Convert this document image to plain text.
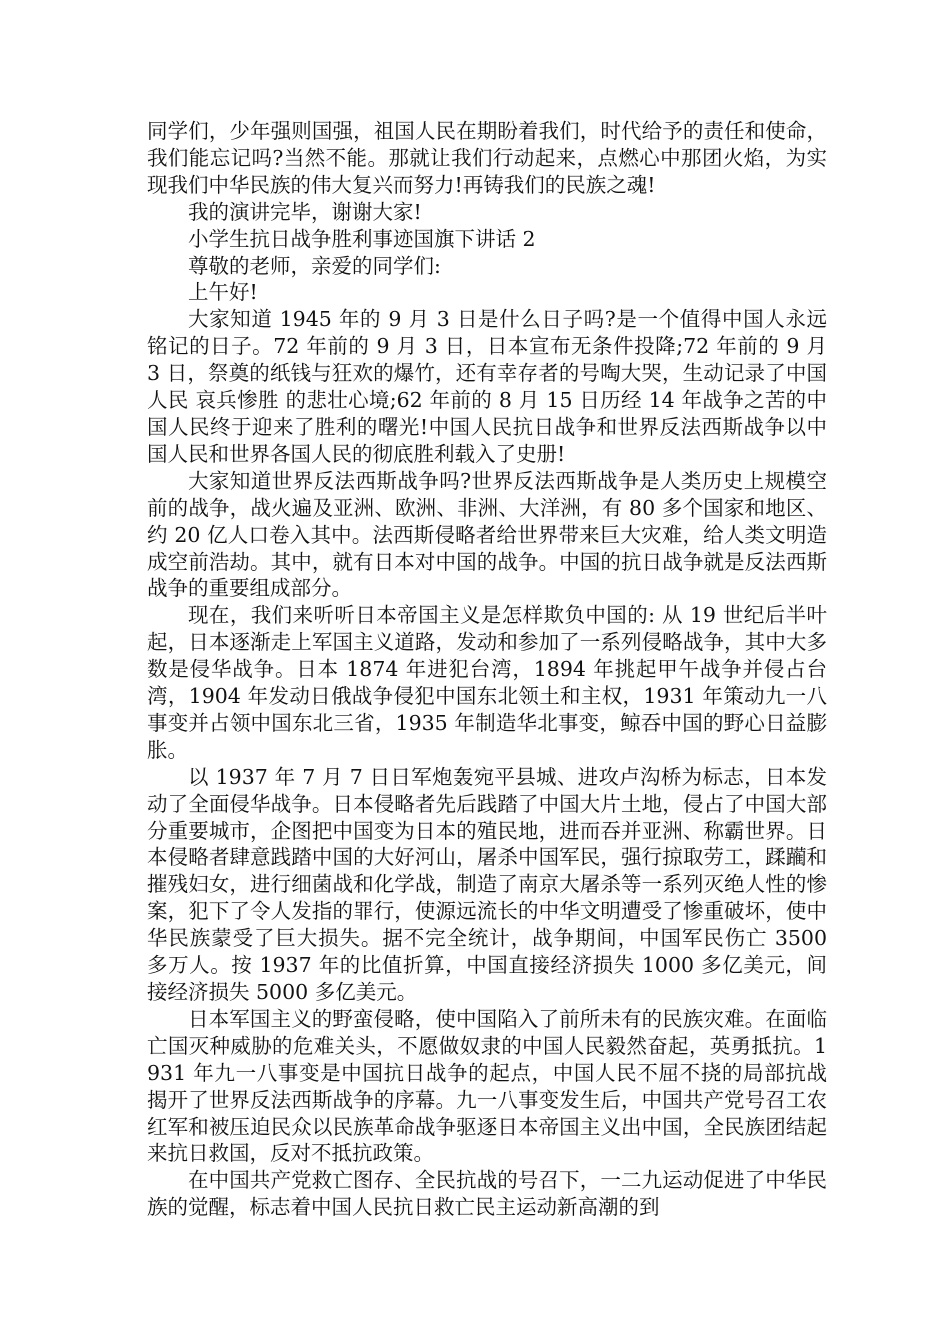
同学们，少年强则国强，祖国人民在期盼着我们，时代给予的责任和使命，我们能忘记吗?当然不能。那就让我们行动起来，点燃心中那团火焰，为实现我们中华民族的伟大复兴而努力!再铸我们的民族之魂!

我的演讲完毕，谢谢大家!

小学生抗日战争胜利事迹国旗下讲话 2

尊敬的老师，亲爱的同学们:

上午好!

大家知道 1945 年的 9 月 3 日是什么日子吗?是一个值得中国人永远铭记的日子。72 年前的 9 月 3 日，日本宣布无条件投降;72 年前的 9 月 3 日，祭奠的纸钱与狂欢的爆竹，还有幸存者的号啕大哭，生动记录了中国人民 哀兵惨胜 的悲壮心境;62 年前的 8 月 15 日历经 14 年战争之苦的中国人民终于迎来了胜利的曙光!中国人民抗日战争和世界反法西斯战争以中国人民和世界各国人民的彻底胜利载入了史册!

大家知道世界反法西斯战争吗?世界反法西斯战争是人类历史上规模空前的战争，战火遍及亚洲、欧洲、非洲、大洋洲，有 80 多个国家和地区、约 20 亿人口卷入其中。法西斯侵略者给世界带来巨大灾难，给人类文明造成空前浩劫。其中，就有日本对中国的战争。中国的抗日战争就是反法西斯战争的重要组成部分。

现在，我们来听听日本帝国主义是怎样欺负中国的: 从 19 世纪后半叶起，日本逐渐走上军国主义道路，发动和参加了一系列侵略战争，其中大多数是侵华战争。日本 1874 年进犯台湾，1894 年挑起甲午战争并侵占台湾，1904 年发动日俄战争侵犯中国东北领土和主权，1931 年策动九一八事变并占领中国东北三省，1935 年制造华北事变，鲸吞中国的野心日益膨胀。

以 1937 年 7 月 7 日日军炮轰宛平县城、进攻卢沟桥为标志，日本发动了全面侵华战争。日本侵略者先后践踏了中国大片土地，侵占了中国大部分重要城市，企图把中国变为日本的殖民地，进而吞并亚洲、称霸世界。日本侵略者肆意践踏中国的大好河山，屠杀中国军民，强行掠取劳工，蹂躏和摧残妇女，进行细菌战和化学战，制造了南京大屠杀等一系列灭绝人性的惨案，犯下了令人发指的罪行，使源远流长的中华文明遭受了惨重破坏，使中华民族蒙受了巨大损失。据不完全统计，战争期间，中国军民伤亡 3500 多万人。按 1937 年的比值折算，中国直接经济损失 1000 多亿美元，间接经济损失 5000 多亿美元。

日本军国主义的野蛮侵略，使中国陷入了前所未有的民族灾难。在面临亡国灭种威胁的危难关头，不愿做奴隶的中国人民毅然奋起，英勇抵抗。1931 年九一八事变是中国抗日战争的起点，中国人民不屈不挠的局部抗战揭开了世界反法西斯战争的序幕。九一八事变发生后，中国共产党号召工农红军和被压迫民众以民族革命战争驱逐日本帝国主义出中国，全民族团结起来抗日救国，反对不抵抗政策。

在中国共产党救亡图存、全民抗战的号召下，一二九运动促进了中华民族的觉醒，标志着中国人民抗日救亡民主运动新高潮的到
